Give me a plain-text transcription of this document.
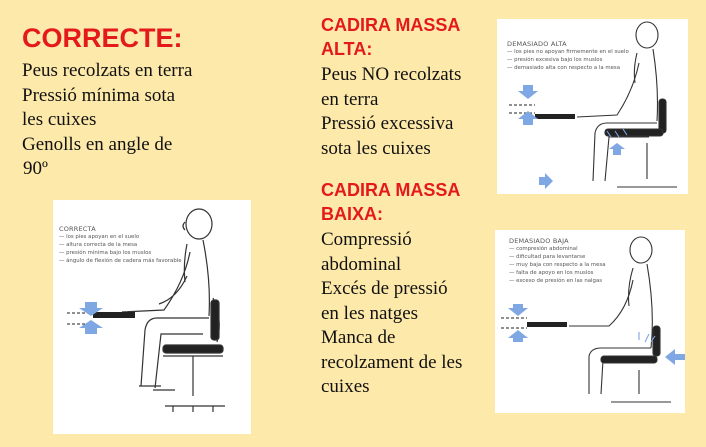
CORRECTE:
Peus recolzats en terra
Pressió mínima sota
les cuixes
Genolls en angle de
90º
CADIRA MASSA
ALTA:
Peus NO recolzats
en terra
Pressió excessiva
sota les cuixes
CADIRA MASSA
BAIXA:
Compressió
abdominal
Excés de pressió
en les natges
Manca de
recolzament de les
cuixes
CORRECTA
— los pies apoyan en el suelo
— altura correcta de la mesa
— presión mínima bajo los muslos
— ángulo de flexión de cadera más favorable
DEMASIADO ALTA
— los pies no apoyan firmemente en el suelo
— presión excesiva bajo los muslos
— demasiado alta con respecto a la mesa
DEMASIADO BAJA
— compresión abdominal
— dificultad para levantarse
— muy baja con respecto a la mesa
— falta de apoyo en los muslos
— exceso de presión en las nalgas
